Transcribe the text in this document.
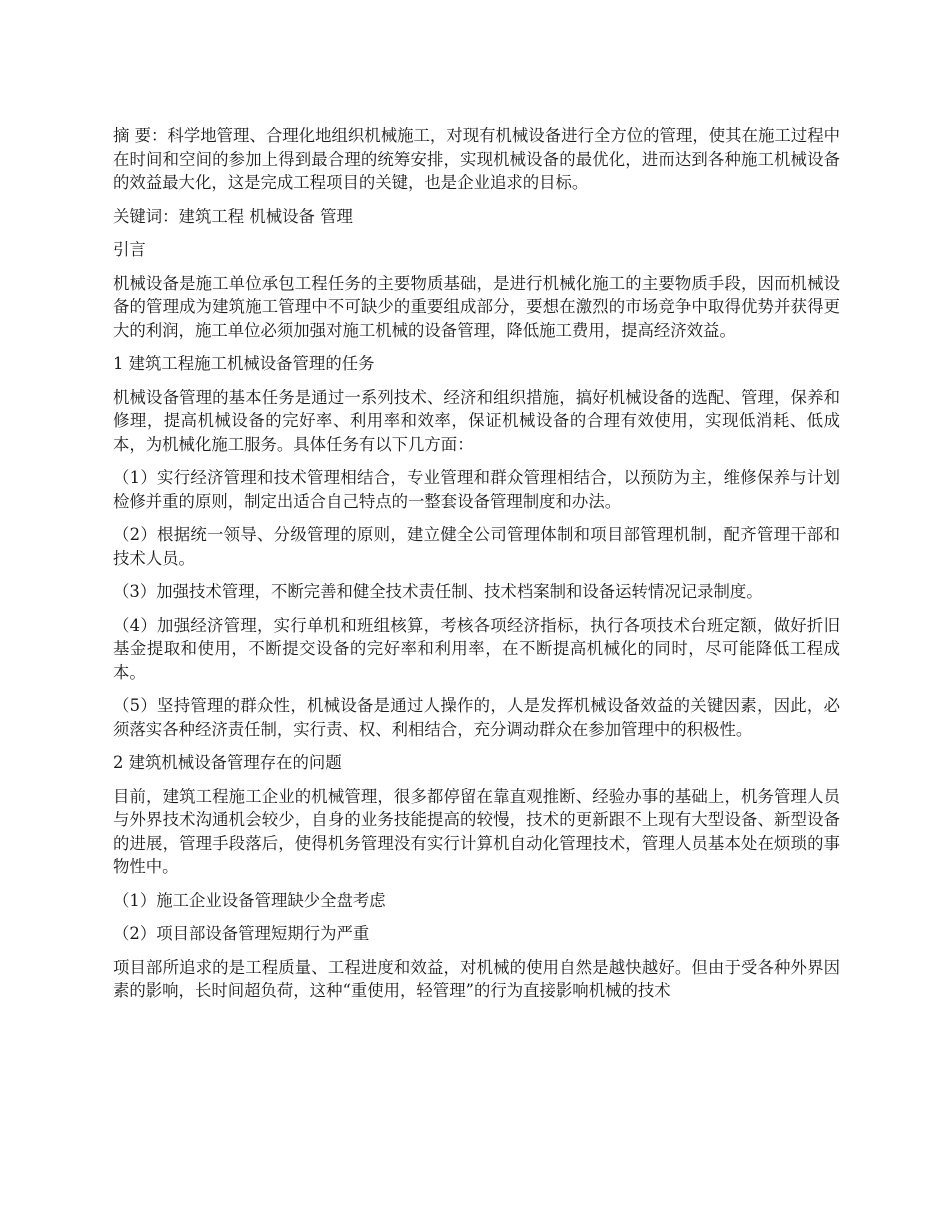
摘 要：科学地管理、合理化地组织机械施工，对现有机械设备进行全方位的管理，使其在施工过程中在时间和空间的参加上得到最合理的统筹安排，实现机械设备的最优化，进而达到各种施工机械设备的效益最大化，这是完成工程项目的关键，也是企业追求的目标。

关键词：建筑工程 机械设备 管理

引言

机械设备是施工单位承包工程任务的主要物质基础，是进行机械化施工的主要物质手段，因而机械设备的管理成为建筑施工管理中不可缺少的重要组成部分，要想在激烈的市场竞争中取得优势并获得更大的利润，施工单位必须加强对施工机械的设备管理，降低施工费用，提高经济效益。

1 建筑工程施工机械设备管理的任务

机械设备管理的基本任务是通过一系列技术、经济和组织措施，搞好机械设备的选配、管理，保养和修理，提高机械设备的完好率、利用率和效率，保证机械设备的合理有效使用，实现低消耗、低成本，为机械化施工服务。具体任务有以下几方面：

（1）实行经济管理和技术管理相结合，专业管理和群众管理相结合，以预防为主，维修保养与计划检修并重的原则，制定出适合自己特点的一整套设备管理制度和办法。

（2）根据统一领导、分级管理的原则，建立健全公司管理体制和项目部管理机制，配齐管理干部和技术人员。

（3）加强技术管理，不断完善和健全技术责任制、技术档案制和设备运转情况记录制度。

（4）加强经济管理，实行单机和班组核算，考核各项经济指标，执行各项技术台班定额，做好折旧基金提取和使用，不断提交设备的完好率和利用率，在不断提高机械化的同时，尽可能降低工程成本。

（5）坚持管理的群众性，机械设备是通过人操作的，人是发挥机械设备效益的关键因素，因此，必须落实各种经济责任制，实行责、权、利相结合，充分调动群众在参加管理中的积极性。

2 建筑机械设备管理存在的问题

目前，建筑工程施工企业的机械管理，很多都停留在靠直观推断、经验办事的基础上，机务管理人员与外界技术沟通机会较少，自身的业务技能提高的较慢，技术的更新跟不上现有大型设备、新型设备的进展，管理手段落后，使得机务管理没有实行计算机自动化管理技术，管理人员基本处在烦琐的事物性中。

（1）施工企业设备管理缺少全盘考虑

（2）项目部设备管理短期行为严重

项目部所追求的是工程质量、工程进度和效益，对机械的使用自然是越快越好。但由于受各种外界因素的影响，长时间超负荷，这种“重使用，轻管理”的行为直接影响机械的技术
